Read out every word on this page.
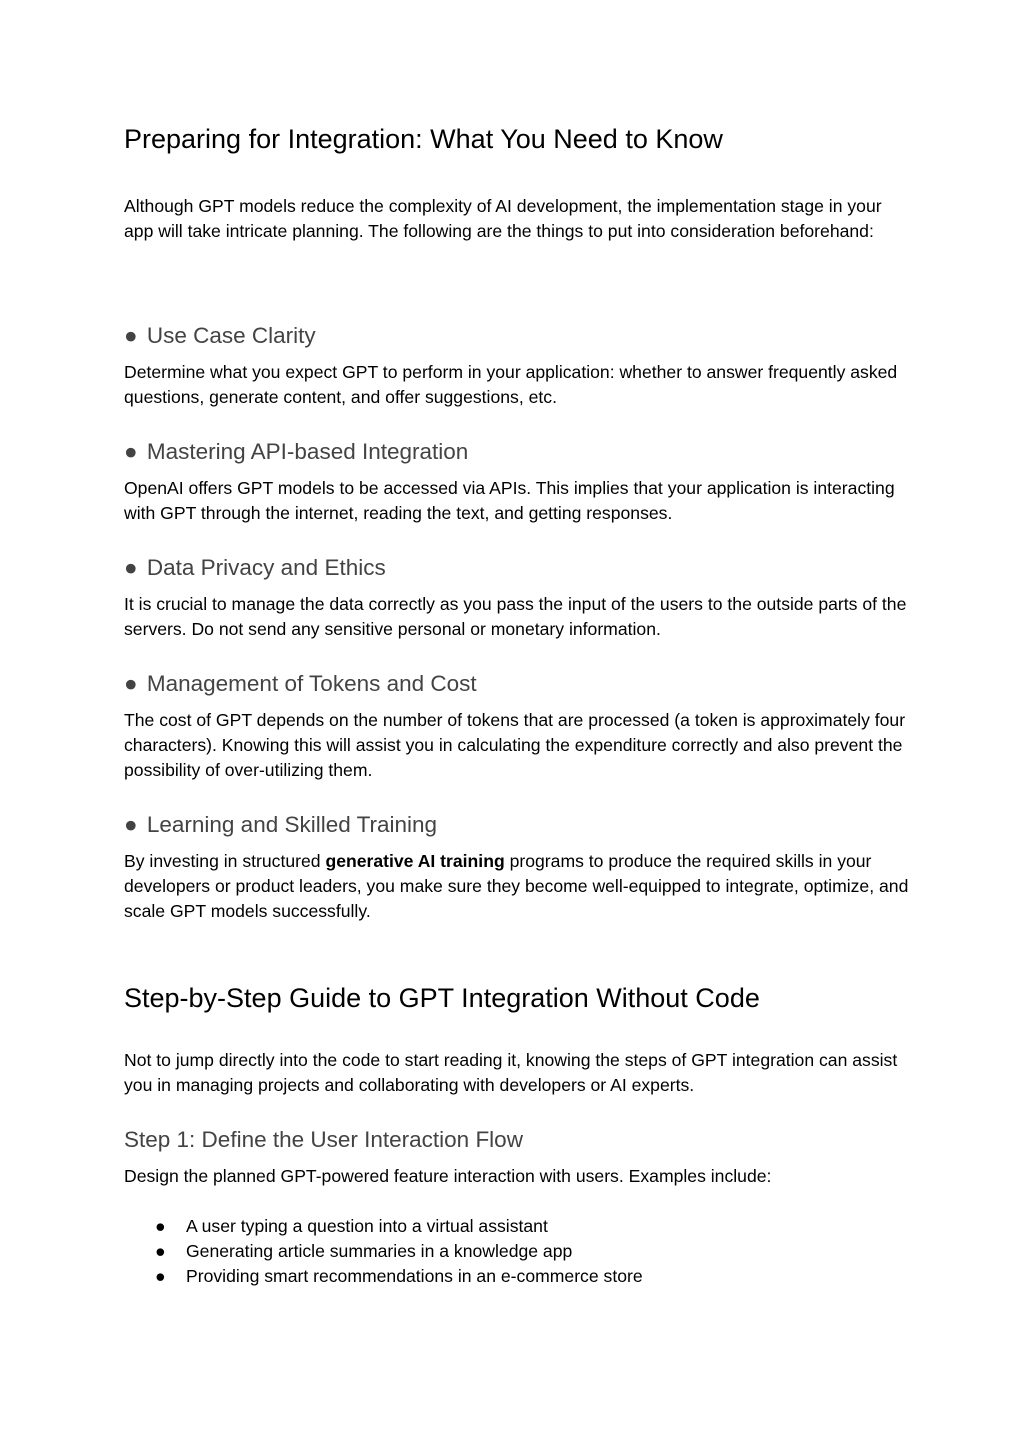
Preparing for Integration: What You Need to Know

Although GPT models reduce the complexity of AI development, the implementation stage in your app will take intricate planning. The following are the things to put into consideration beforehand:

● Use Case Clarity

Determine what you expect GPT to perform in your application: whether to answer frequently asked questions, generate content, and offer suggestions, etc.

● Mastering API-based Integration

OpenAI offers GPT models to be accessed via APIs. This implies that your application is interacting with GPT through the internet, reading the text, and getting responses.

● Data Privacy and Ethics

It is crucial to manage the data correctly as you pass the input of the users to the outside parts of the servers. Do not send any sensitive personal or monetary information.

● Management of Tokens and Cost

The cost of GPT depends on the number of tokens that are processed (a token is approximately four characters). Knowing this will assist you in calculating the expenditure correctly and also prevent the possibility of over-utilizing them.

● Learning and Skilled Training

By investing in structured generative AI training programs to produce the required skills in your developers or product leaders, you make sure they become well-equipped to integrate, optimize, and scale GPT models successfully.

Step-by-Step Guide to GPT Integration Without Code

Not to jump directly into the code to start reading it, knowing the steps of GPT integration can assist you in managing projects and collaborating with developers or AI experts.

Step 1: Define the User Interaction Flow

Design the planned GPT-powered feature interaction with users. Examples include:

● A user typing a question into a virtual assistant
● Generating article summaries in a knowledge app
● Providing smart recommendations in an e-commerce store
